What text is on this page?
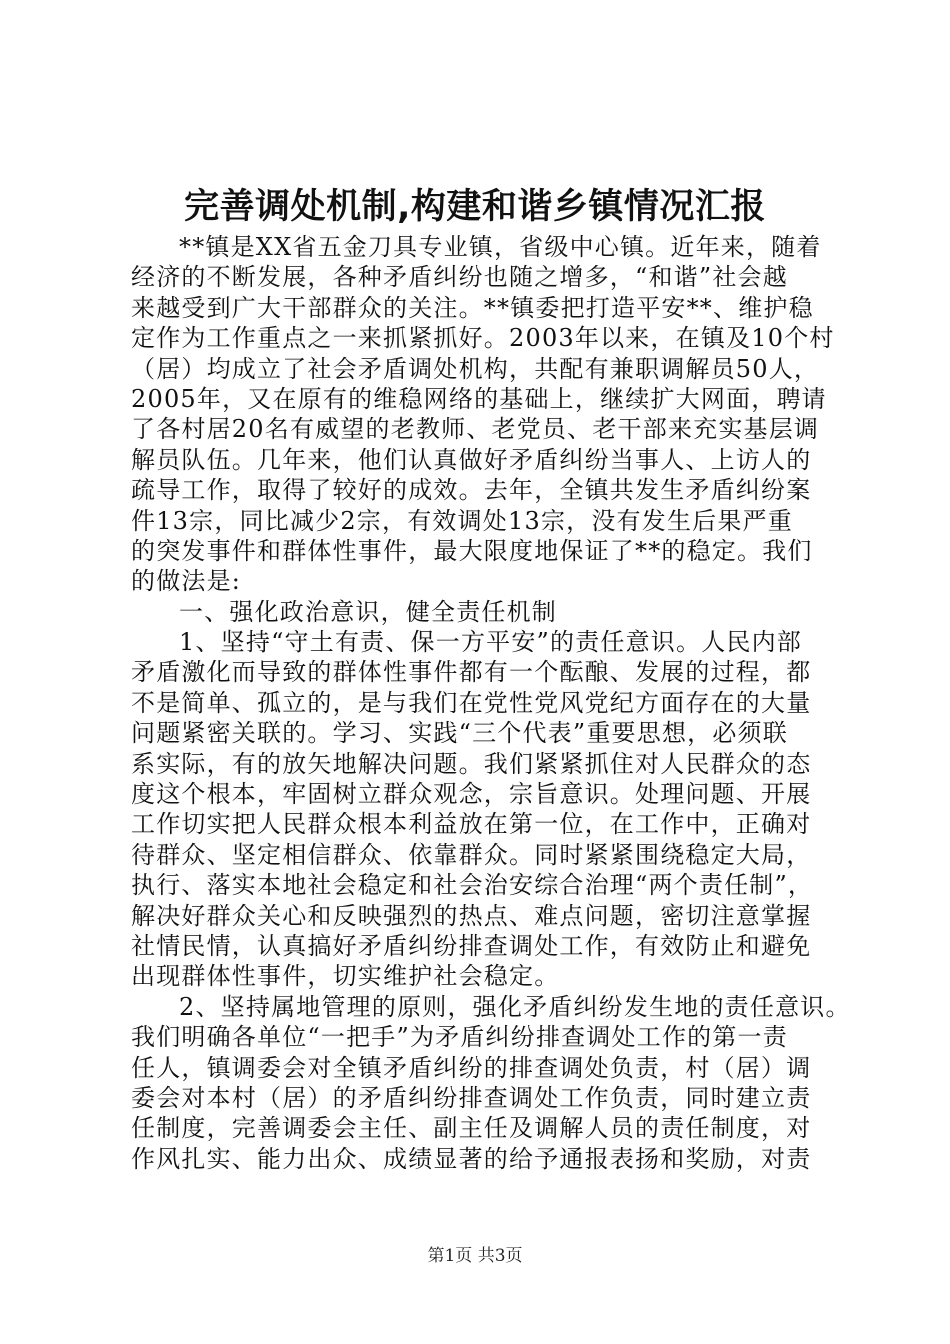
完善调处机制,构建和谐乡镇情况汇报
**镇是XX省五金刀具专业镇，省级中心镇。近年来，随着
经济的不断发展，各种矛盾纠纷也随之增多，“和谐”社会越
来越受到广大干部群众的关注。**镇委把打造平安**、维护稳
定作为工作重点之一来抓紧抓好。2003年以来，在镇及10个村
（居）均成立了社会矛盾调处机构，共配有兼职调解员50人，
2005年，又在原有的维稳网络的基础上，继续扩大网面，聘请
了各村居20名有威望的老教师、老党员、老干部来充实基层调
解员队伍。几年来，他们认真做好矛盾纠纷当事人、上访人的
疏导工作，取得了较好的成效。去年，全镇共发生矛盾纠纷案
件13宗，同比减少2宗，有效调处13宗，没有发生后果严重
的突发事件和群体性事件，最大限度地保证了**的稳定。我们
的做法是:
一、强化政治意识，健全责任机制
1、坚持“守土有责、保一方平安”的责任意识。人民内部
矛盾激化而导致的群体性事件都有一个酝酿、发展的过程，都
不是简单、孤立的，是与我们在党性党风党纪方面存在的大量
问题紧密关联的。学习、实践“三个代表”重要思想，必须联
系实际，有的放矢地解决问题。我们紧紧抓住对人民群众的态
度这个根本，牢固树立群众观念，宗旨意识。处理问题、开展
工作切实把人民群众根本利益放在第一位，在工作中，正确对
待群众、坚定相信群众、依靠群众。同时紧紧围绕稳定大局，
执行、落实本地社会稳定和社会治安综合治理“两个责任制”，
解决好群众关心和反映强烈的热点、难点问题，密切注意掌握
社情民情，认真搞好矛盾纠纷排查调处工作，有效防止和避免
出现群体性事件，切实维护社会稳定。
2、坚持属地管理的原则，强化矛盾纠纷发生地的责任意识。
我们明确各单位“一把手”为矛盾纠纷排查调处工作的第一责
任人，镇调委会对全镇矛盾纠纷的排查调处负责，村（居）调
委会对本村（居）的矛盾纠纷排查调处工作负责，同时建立责
任制度，完善调委会主任、副主任及调解人员的责任制度，对
作风扎实、能力出众、成绩显著的给予通报表扬和奖励，对责
第1页 共3页
